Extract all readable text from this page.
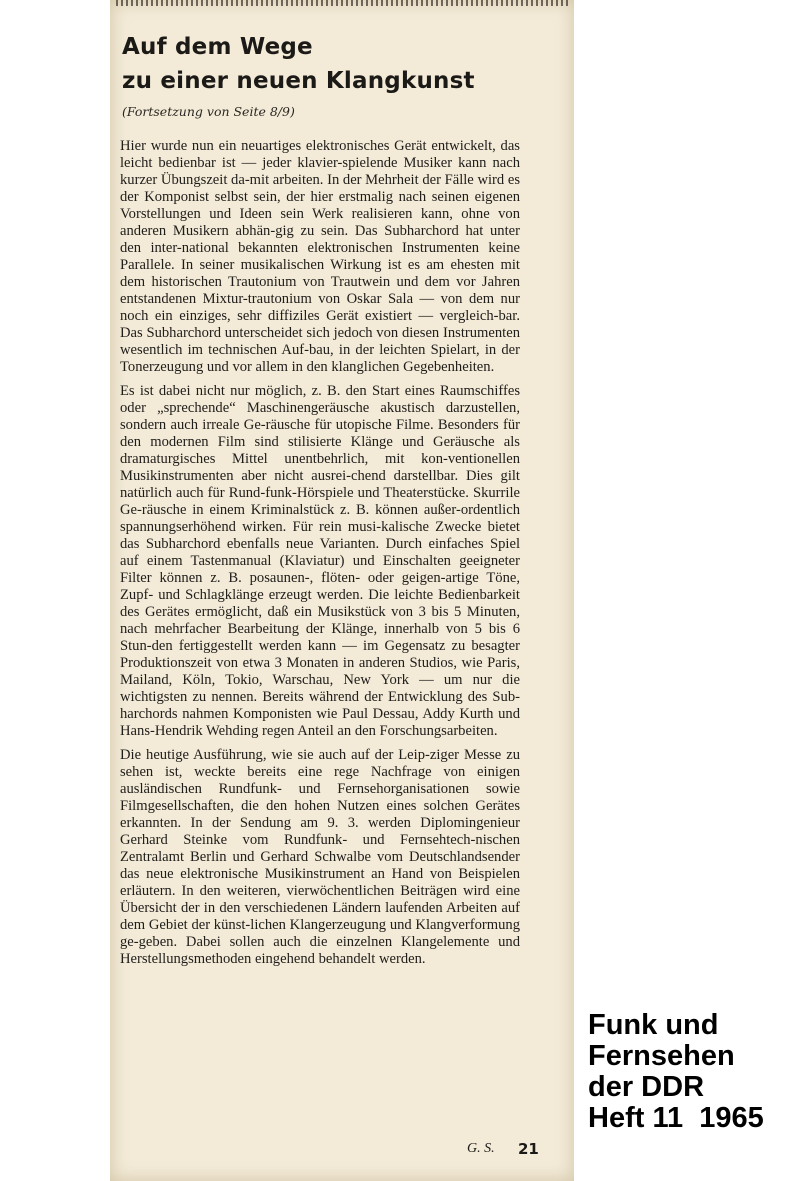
Auf dem Wege
zu einer neuen Klangkunst

(Fortsetzung von Seite 8/9)

Hier wurde nun ein neuartiges elektronisches Gerät entwickelt, das leicht bedienbar ist — jeder klavier-spielende Musiker kann nach kurzer Übungszeit da-mit arbeiten. In der Mehrheit der Fälle wird es der Komponist selbst sein, der hier erstmalig nach seinen eigenen Vorstellungen und Ideen sein Werk realisieren kann, ohne von anderen Musikern abhän-gig zu sein. Das Subharchord hat unter den inter-national bekannten elektronischen Instrumenten keine Parallele. In seiner musikalischen Wirkung ist es am ehesten mit dem historischen Trautonium von Trautwein und dem vor Jahren entstandenen Mixtur-trautonium von Oskar Sala — von dem nur noch ein einziges, sehr diffiziles Gerät existiert — vergleich-bar. Das Subharchord unterscheidet sich jedoch von diesen Instrumenten wesentlich im technischen Auf-bau, in der leichten Spielart, in der Tonerzeugung und vor allem in den klanglichen Gegebenheiten.

Es ist dabei nicht nur möglich, z. B. den Start eines Raumschiffes oder „sprechende“ Maschinengeräusche akustisch darzustellen, sondern auch irreale Ge-räusche für utopische Filme. Besonders für den modernen Film sind stilisierte Klänge und Geräusche als dramaturgisches Mittel unentbehrlich, mit kon-ventionellen Musikinstrumenten aber nicht ausrei-chend darstellbar. Dies gilt natürlich auch für Rund-funk-Hörspiele und Theaterstücke. Skurrile Ge-räusche in einem Kriminalstück z. B. können außer-ordentlich spannungserhöhend wirken. Für rein musi-kalische Zwecke bietet das Subharchord ebenfalls neue Varianten. Durch einfaches Spiel auf einem Tastenmanual (Klaviatur) und Einschalten geeigneter Filter können z. B. posaunen-, flöten- oder geigen-artige Töne, Zupf- und Schlagklänge erzeugt werden. Die leichte Bedienbarkeit des Gerätes ermöglicht, daß ein Musikstück von 3 bis 5 Minuten, nach mehrfacher Bearbeitung der Klänge, innerhalb von 5 bis 6 Stun-den fertiggestellt werden kann — im Gegensatz zu besagter Produktionszeit von etwa 3 Monaten in anderen Studios, wie Paris, Mailand, Köln, Tokio, Warschau, New York — um nur die wichtigsten zu nennen. Bereits während der Entwicklung des Sub-harchords nahmen Komponisten wie Paul Dessau, Addy Kurth und Hans-Hendrik Wehding regen Anteil an den Forschungsarbeiten.

Die heutige Ausführung, wie sie auch auf der Leip-ziger Messe zu sehen ist, weckte bereits eine rege Nachfrage von einigen ausländischen Rundfunk- und Fernsehorganisationen sowie Filmgesellschaften, die den hohen Nutzen eines solchen Gerätes erkannten. In der Sendung am 9. 3. werden Diplomingenieur Gerhard Steinke vom Rundfunk- und Fernsehtech-nischen Zentralamt Berlin und Gerhard Schwalbe vom Deutschlandsender das neue elektronische Musikinstrument an Hand von Beispielen erläutern. In den weiteren, vierwöchentlichen Beiträgen wird eine Übersicht der in den verschiedenen Ländern laufenden Arbeiten auf dem Gebiet der künst-lichen Klangerzeugung und Klangverformung ge-geben. Dabei sollen auch die einzelnen Klangelemente und Herstellungsmethoden eingehend behandelt werden.

G. S. 21
Funk und
Fernsehen
der DDR
Heft 11  1965
